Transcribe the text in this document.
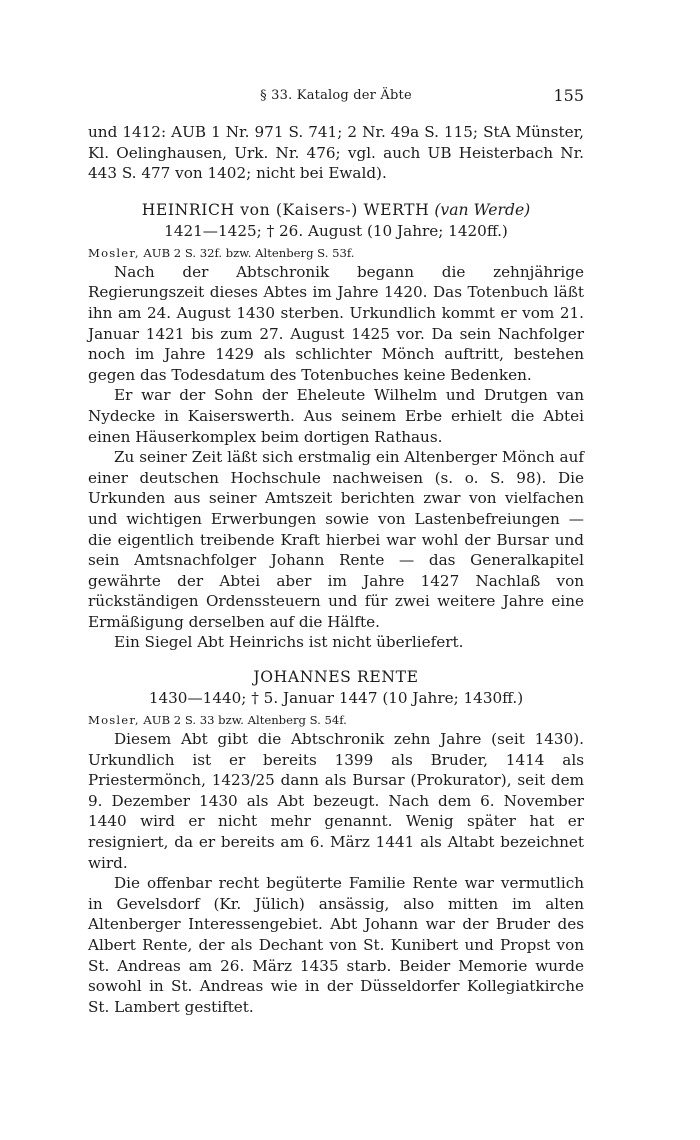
§ 33. Katalog der Äbte	155

und 1412: AUB 1 Nr. 971 S. 741; 2 Nr. 49a S. 115; StA Münster, Kl. Oelinghausen, Urk. Nr. 476; vgl. auch UB Heisterbach Nr. 443 S. 477 von 1402; nicht bei Ewald).

HEINRICH von (Kaisers-) WERTH (van Werde)
1421—1425; † 26. August (10 Jahre; 1420ff.)
Mosler, AUB 2 S. 32f. bzw. Altenberg S. 53f.

Nach der Abtschronik begann die zehnjährige Regierungszeit dieses Abtes im Jahre 1420. Das Totenbuch läßt ihn am 24. August 1430 sterben. Urkundlich kommt er vom 21. Januar 1421 bis zum 27. August 1425 vor. Da sein Nachfolger noch im Jahre 1429 als schlichter Mönch auftritt, bestehen gegen das Todesdatum des Totenbuches keine Bedenken.

Er war der Sohn der Eheleute Wilhelm und Drutgen van Nydecke in Kaiserswerth. Aus seinem Erbe erhielt die Abtei einen Häuserkomplex beim dortigen Rathaus.

Zu seiner Zeit läßt sich erstmalig ein Altenberger Mönch auf einer deutschen Hochschule nachweisen (s. o. S. 98). Die Urkunden aus seiner Amtszeit berichten zwar von vielfachen und wichtigen Erwerbungen sowie von Lastenbefreiungen — die eigentlich treibende Kraft hierbei war wohl der Bursar und sein Amtsnachfolger Johann Rente — das Generalkapitel gewährte der Abtei aber im Jahre 1427 Nachlaß von rückständigen Ordenssteuern und für zwei weitere Jahre eine Ermäßigung derselben auf die Hälfte.

Ein Siegel Abt Heinrichs ist nicht überliefert.

JOHANNES RENTE
1430—1440; † 5. Januar 1447 (10 Jahre; 1430ff.)
Mosler, AUB 2 S. 33 bzw. Altenberg S. 54f.

Diesem Abt gibt die Abtschronik zehn Jahre (seit 1430). Urkundlich ist er bereits 1399 als Bruder, 1414 als Priestermönch, 1423/25 dann als Bursar (Prokurator), seit dem 9. Dezember 1430 als Abt bezeugt. Nach dem 6. November 1440 wird er nicht mehr genannt. Wenig später hat er resigniert, da er bereits am 6. März 1441 als Altabt bezeichnet wird.

Die offenbar recht begüterte Familie Rente war vermutlich in Gevelsdorf (Kr. Jülich) ansässig, also mitten im alten Altenberger Interessengebiet. Abt Johann war der Bruder des Albert Rente, der als Dechant von St. Kunibert und Propst von St. Andreas am 26. März 1435 starb. Beider Memorie wurde sowohl in St. Andreas wie in der Düsseldorfer Kollegiatkirche St. Lambert gestiftet.
